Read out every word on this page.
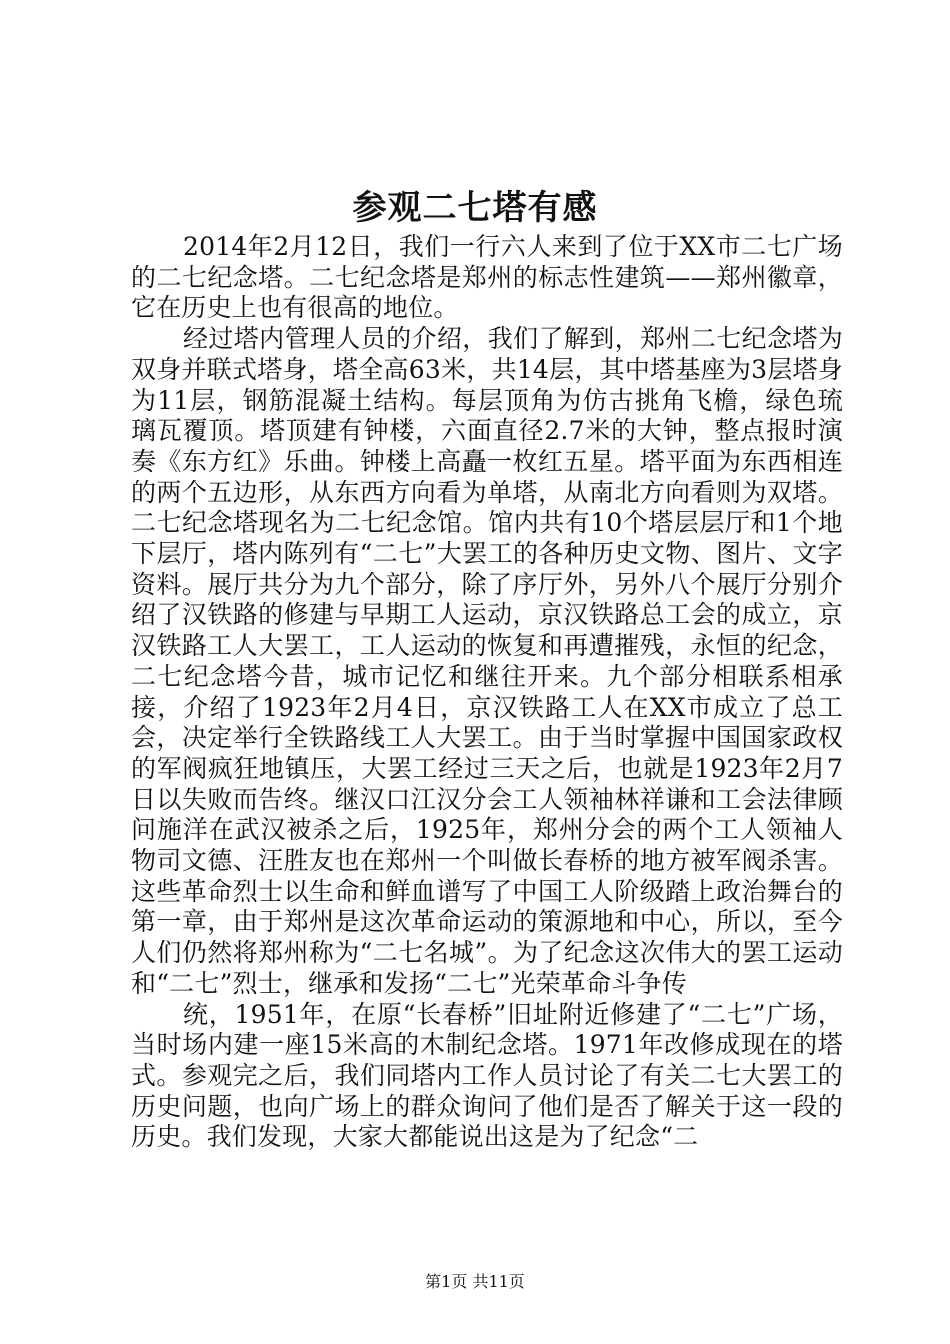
参观二七塔有感

2014年2月12日，我们一行六人来到了位于XX市二七广场的二七纪念塔。二七纪念塔是郑州的标志性建筑——郑州徽章，它在历史上也有很高的地位。

经过塔内管理人员的介绍，我们了解到，郑州二七纪念塔为双身并联式塔身，塔全高63米，共14层，其中塔基座为3层塔身为11层，钢筋混凝土结构。每层顶角为仿古挑角飞檐，绿色琉璃瓦覆顶。塔顶建有钟楼，六面直径2.7米的大钟，整点报时演奏《东方红》乐曲。钟楼上高矗一枚红五星。塔平面为东西相连的两个五边形，从东西方向看为单塔，从南北方向看则为双塔。二七纪念塔现名为二七纪念馆。馆内共有10个塔层层厅和1个地下层厅，塔内陈列有“二七”大罢工的各种历史文物、图片、文字资料。展厅共分为九个部分，除了序厅外，另外八个展厅分别介绍了汉铁路的修建与早期工人运动，京汉铁路总工会的成立，京汉铁路工人大罢工，工人运动的恢复和再遭摧残，永恒的纪念，二七纪念塔今昔，城市记忆和继往开来。九个部分相联系相承接，介绍了1923年2月4日，京汉铁路工人在XX市成立了总工会，决定举行全铁路线工人大罢工。由于当时掌握中国国家政权的军阀疯狂地镇压，大罢工经过三天之后，也就是1923年2月7日以失败而告终。继汉口江汉分会工人领袖林祥谦和工会法律顾问施洋在武汉被杀之后，1925年，郑州分会的两个工人领袖人物司文德、汪胜友也在郑州一个叫做长春桥的地方被军阀杀害。这些革命烈士以生命和鲜血谱写了中国工人阶级踏上政治舞台的第一章，由于郑州是这次革命运动的策源地和中心，所以，至今人们仍然将郑州称为“二七名城”。为了纪念这次伟大的罢工运动和“二七”烈士，继承和发扬“二七”光荣革命斗争传

统，1951年，在原“长春桥”旧址附近修建了“二七”广场，当时场内建一座15米高的木制纪念塔。1971年改修成现在的塔式。参观完之后，我们同塔内工作人员讨论了有关二七大罢工的历史问题，也向广场上的群众询问了他们是否了解关于这一段的历史。我们发现，大家大都能说出这是为了纪念“二

第1页 共11页
